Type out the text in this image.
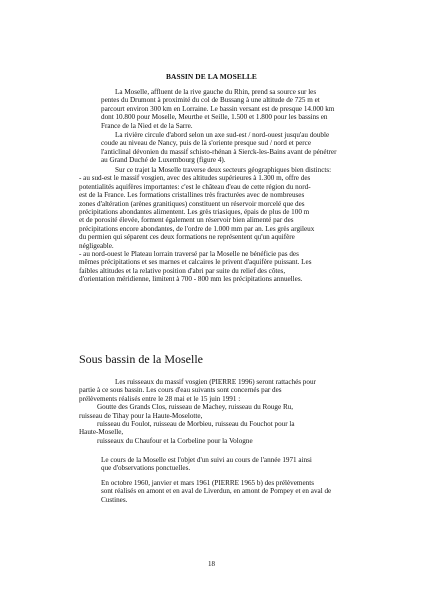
BASSIN DE LA MOSELLE
La Moselle, affluent de la rive gauche du Rhin, prend sa source sur les
pentes du Drumont à proximité du col de Bussang à une altitude de 725 m et
parcourt environ 300 km en Lorraine. Le bassin versant est de presque 14.000 km
dont 10.800 pour Moselle, Meurthe et Seille, 1.500 et 1.800 pour les bassins en
France de la Nied et de la Sarre.
La rivière circule d'abord selon un axe sud-est / nord-ouest jusqu'au double
coude au niveau de Nancy, puis de là s'oriente presque sud / nord et perce
l'anticlinal dévonien du massif schisto-rhénan à Sierck-les-Bains avant de pénétrer
au Grand Duché de Luxembourg (figure 4).
Sur ce trajet la Moselle traverse deux secteurs géographiques bien distincts:
- au sud-est le massif vosgien, avec des altitudes supérieures à 1.300 m, offre des
potentialités aquifères importantes: c'est le château d'eau de cette région du nord-
est de la France. Les formations cristallines très fracturées avec de nombreuses
zones d'altération (arènes granitiques) constituent un réservoir morcelé que des
précipitations abondantes alimentent. Les grès triasiques, épais de plus de 100 m
et de porosité élevée, forment également un réservoir bien alimenté par des
précipitations encore abondantes, de l'ordre de 1.000 mm par an. Les grès argileux
du permien qui séparent ces deux formations ne représentent qu'un aquifère
négligeable.
- au nord-ouest le Plateau lorrain traversé par la Moselle ne bénéficie pas des
mêmes précipitations et ses marnes et calcaires le privent d'aquifère puissant. Les
faibles altitudes et la relative position d'abri par suite du relief des côtes,
d'orientation méridienne, limitent à 700 - 800 mm les précipitations annuelles.
Sous bassin de la Moselle
Les ruisseaux du massif vosgien (PIERRE 1996) seront rattachés pour
partie à ce sous bassin. Les cours d'eau suivants sont concernés par des
prélèvements réalisés entre le 28 mai et le 15 juin 1991 :
Goutte des Grands Clos, ruisseau de Machey, ruisseau du Rouge Ru,
ruisseau de Tihay pour la Haute-Moselotte,
ruisseau du Foulot, ruisseau de Morbieu, ruisseau du Fouchot pour la
Haute-Moselle,
ruisseaux du Chaufour et la Corbeline pour la Vologne
Le cours de la Moselle est l'objet d'un suivi au cours de l'année 1971 ainsi
que d'observations ponctuelles.
En octobre 1960, janvier et mars 1961 (PIERRE 1965 b) des prélèvements
sont réalisés en amont et en aval de Liverdun, en amont de Pompey et en aval de
Custines.
18
